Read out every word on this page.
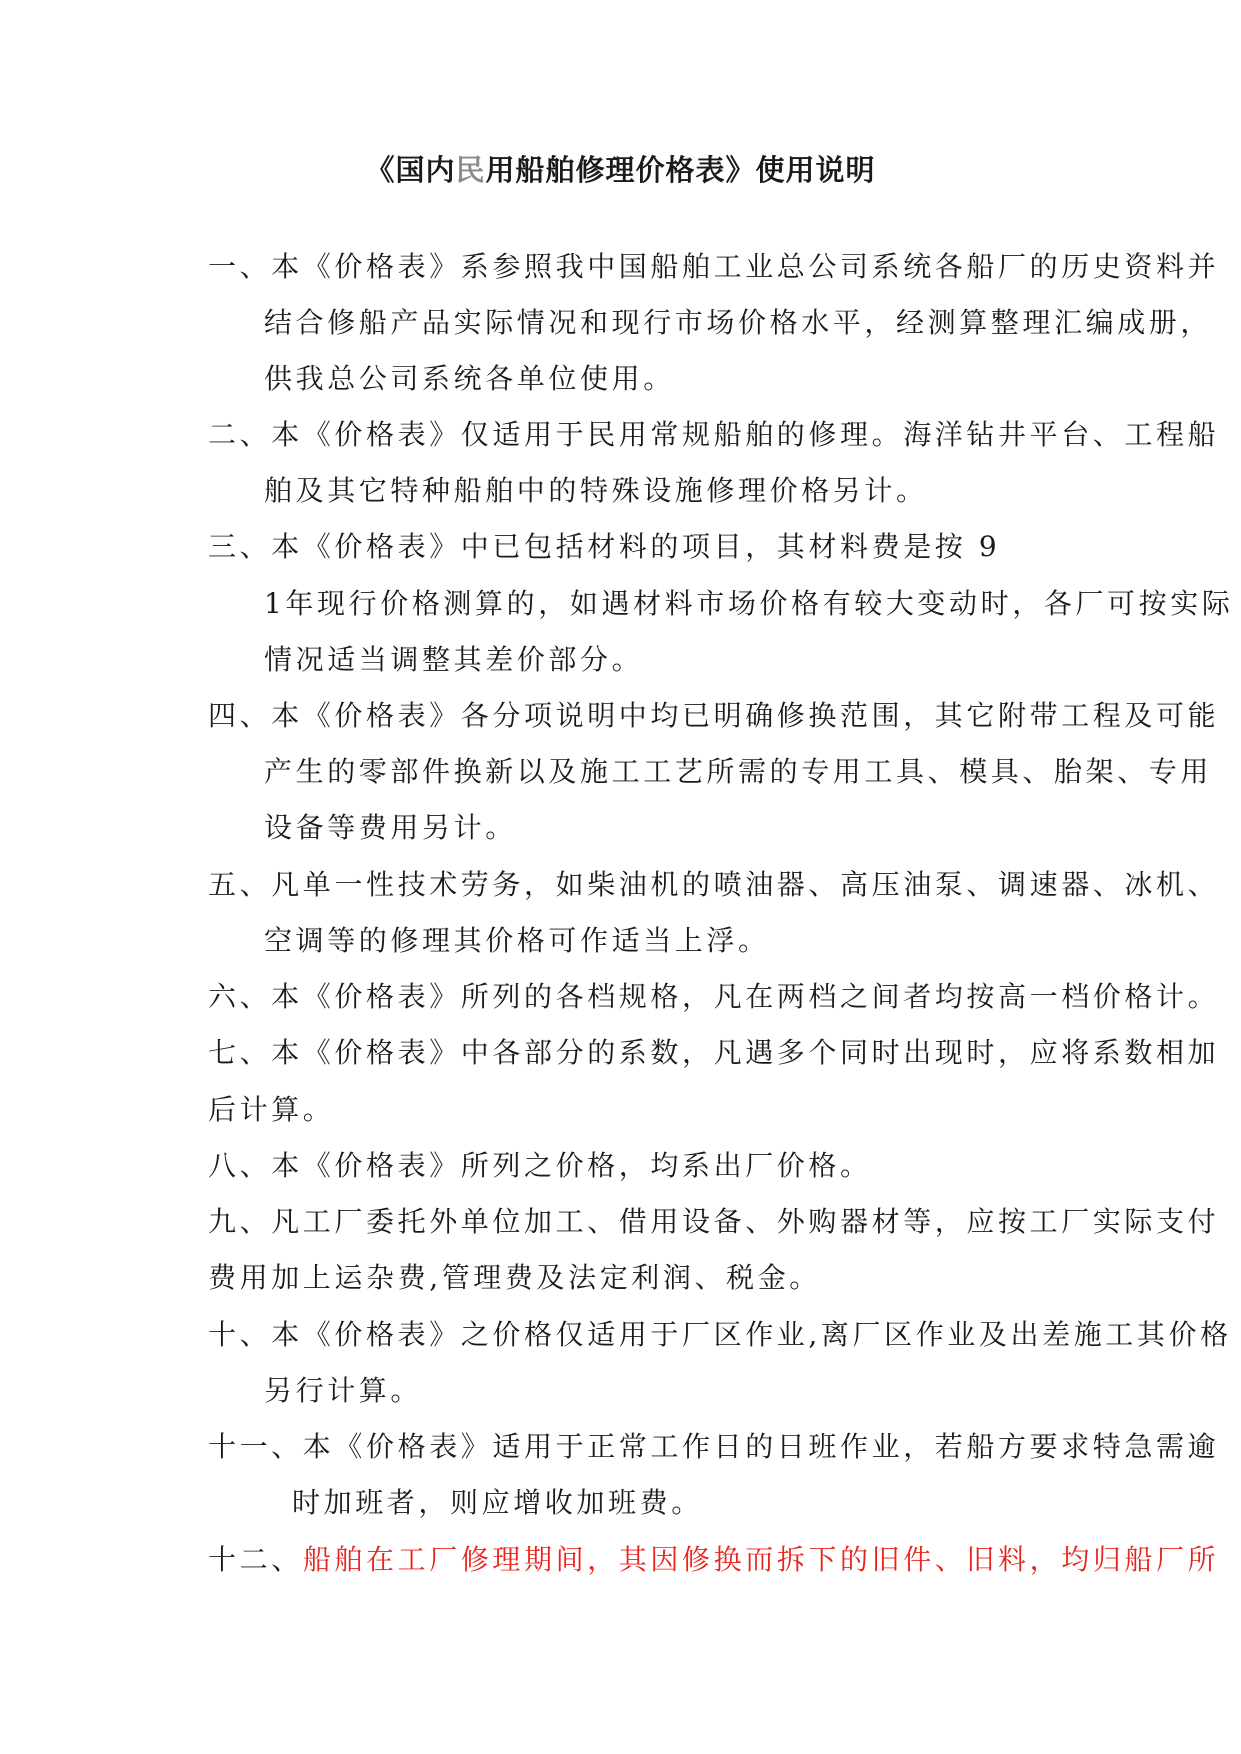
《国内民用船舶修理价格表》使用说明
一、本《价格表》系参照我中国船舶工业总公司系统各船厂的历史资料并
结合修船产品实际情况和现行市场价格水平，经测算整理汇编成册，
供我总公司系统各单位使用。
二、本《价格表》仅适用于民用常规船舶的修理。海洋钻井平台、工程船
舶及其它特种船舶中的特殊设施修理价格另计。
三、本《价格表》中已包括材料的项目，其材料费是按 9
1年现行价格测算的，如遇材料市场价格有较大变动时，各厂可按实际
情况适当调整其差价部分。
四、本《价格表》各分项说明中均已明确修换范围，其它附带工程及可能
产生的零部件换新以及施工工艺所需的专用工具、模具、胎架、专用
设备等费用另计。
五、凡单一性技术劳务，如柴油机的喷油器、高压油泵、调速器、冰机、
空调等的修理其价格可作适当上浮。
六、本《价格表》所列的各档规格，凡在两档之间者均按高一档价格计。
七、本《价格表》中各部分的系数，凡遇多个同时出现时，应将系数相加
后计算。
八、本《价格表》所列之价格，均系出厂价格。
九、凡工厂委托外单位加工、借用设备、外购器材等，应按工厂实际支付
费用加上运杂费,管理费及法定利润、税金。
十、本《价格表》之价格仅适用于厂区作业,离厂区作业及出差施工其价格
另行计算。
十一、本《价格表》适用于正常工作日的日班作业，若船方要求特急需逾
时加班者，则应增收加班费。
十二、船舶在工厂修理期间，其因修换而拆下的旧件、旧料，均归船厂所
